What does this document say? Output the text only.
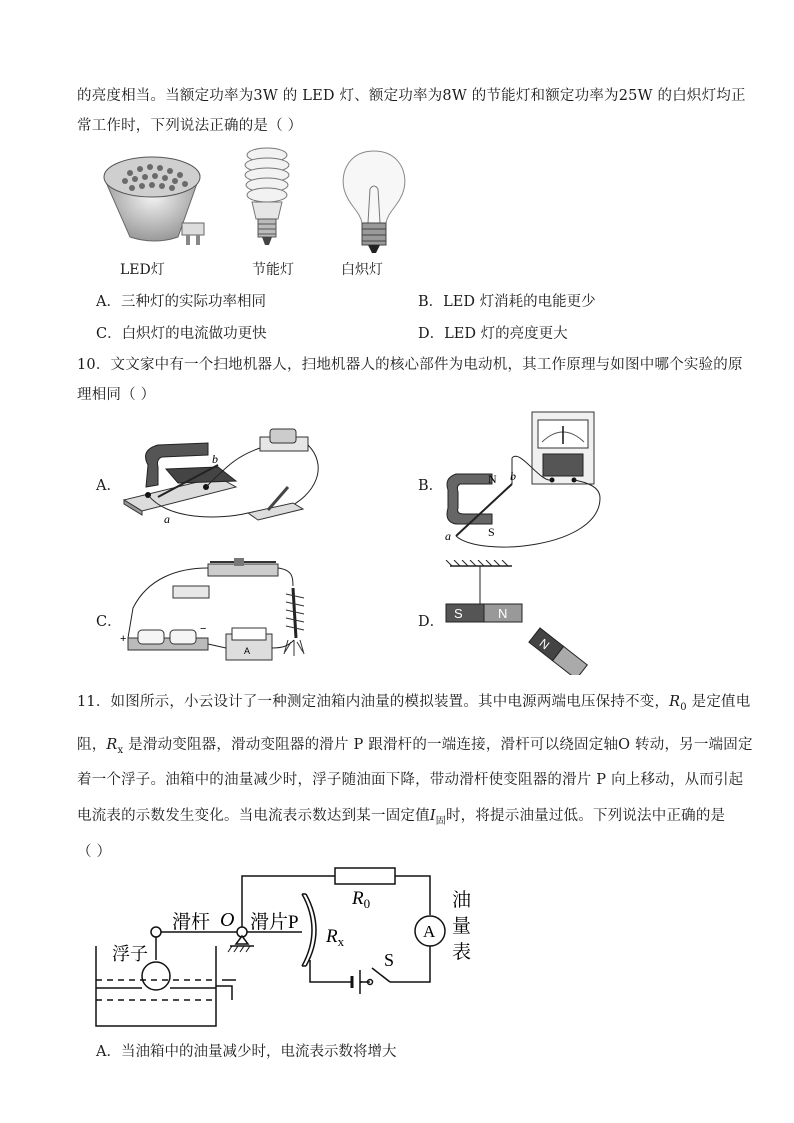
的亮度相当。当额定功率为3W 的 LED 灯、额定功率为8W 的节能灯和额定功率为25W 的白炽灯均正
常工作时，下列说法正确的是（ ）
LED灯	节能灯	白炽灯
A．三种灯的实际功率相同	B．LED 灯消耗的电能更少
C．白炽灯的电流做功更快	D．LED 灯的亮度更大
10．文文家中有一个扫地机器人，扫地机器人的核心部件为电动机，其工作原理与如图中哪个实验的原
理相同（ ）
A．	B．
C．	D．
b
a
N b
S
a
+
−
A
S	N
N
11．如图所示，小云设计了一种测定油箱内油量的模拟装置。其中电源两端电压保持不变，$R_0$ 是定值电
阻，$R_x$ 是滑动变阻器，滑动变阻器的滑片 P 跟滑杆的一端连接，滑杆可以绕固定轴O 转动，另一端固定
着一个浮子。油箱中的油量减少时，浮子随油面下降，带动滑杆使变阻器的滑片 P 向上移动，从而引起
电流表的示数发生变化。当电流表示数达到某一固定值$I_固$时，将提示油量过低。下列说法中正确的是
（ ）
滑杆 O 滑片 P
$R_0$
$R_x$
A
油
量
表
浮子	S
A．当油箱中的油量减少时，电流表示数将增大
